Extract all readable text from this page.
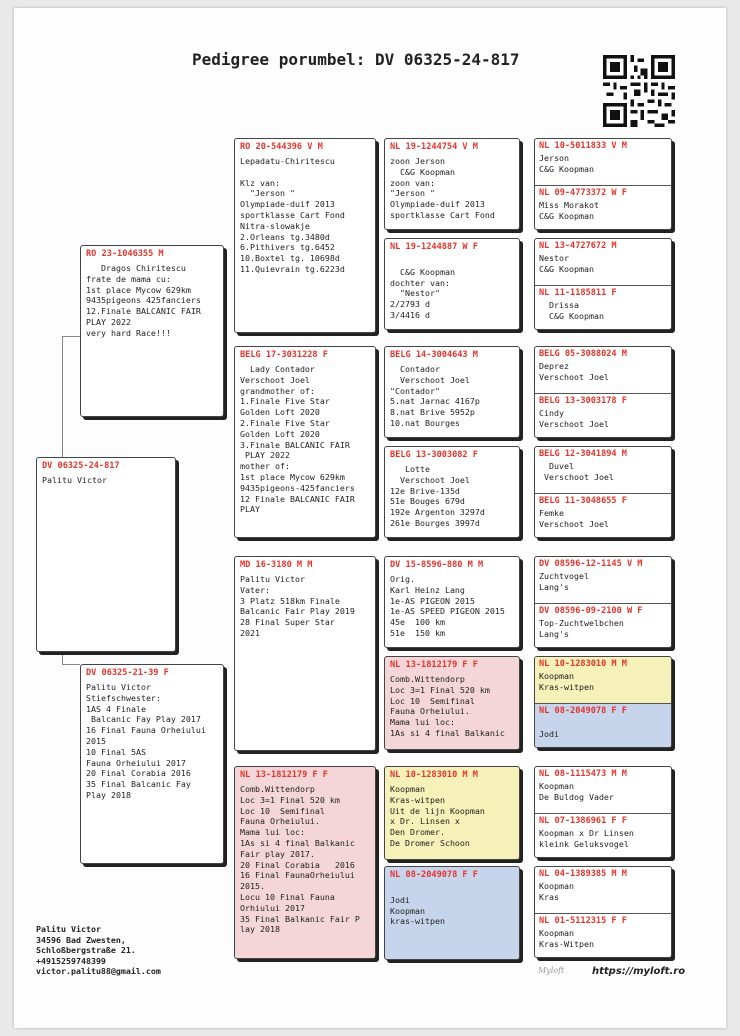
Pedigree porumbel: DV 06325-24-817
DV 06325-24-817
Palitu Victor
RO 23-1046355 M
Dragos Chiritescu
frate de mama cu:
1st place Mycow 629km
9435pigeons 425fanciers
12.Finale BALCANIC FAIR
PLAY 2022
very hard Race!!!
DV 06325-21-39 F
Palitu Victor
Stiefschwester:
1AS 4 Finale
Balcanic Fay Play 2017
16 Final Fauna Orheiului
2015
10 Final 5AS
Fauna Orheiului 2017
20 Final Corabia 2016
35 Final Balcanic Fay
Play 2018
RO 20-544396 V M
Lepadatu-Chiritescu

Klz van:
"Jerson "
Olympiade-duif 2013
sportklasse Cart Fond
Nitra-slowakje
2.Orleans tg.3480d
6.Pithivers tg.6452
10.Boxtel tg. 10698d
11.Quievrain tg.6223d
BELG 17-3031228 F
Lady Contador
Verschoot Joel
grandmother of:
1.Finale Five Star
Golden Loft 2020
2.Finale Five Star
Golden Loft 2020
3.Finale BALCANIC FAIR
PLAY 2022
mother of:
1st place Mycow 629km
9435pigeons-425fanciers
12 Finale BALCANIC FAIR
PLAY
MD 16-3180 M M
Palitu Victor
Vater:
3 Platz 518km Finale
Balcanic Fair Play 2019
28 Final Super Star
2021
NL 13-1812179 F F
Comb.Wittendorp
Loc 3=1 Final 520 km
Loc 10  Semifinal
Fauna Orheiului.
Mama lui loc:
1As si 4 final Balkanic
Fair play 2017.
20 Final Corabia   2016
16 Final FaunaOrheiului
2015.
Locu 10 Final Fauna
Orhiului 2017
35 Final Balkanic Fair P
lay 2018
NL 19-1244754 V M
zoon Jerson
C&G Koopman
zoon van:
"Jerson "
Olympiade-duif 2013
sportklasse Cart Fond
NL 19-1244887 W F

C&G Koopman
dochter van:
"Nestor"
2/2793 d
3/4416 d
BELG 14-3004643 M
Contador
Verschoot Joel
"Contador"
5.nat Jarnac 4167p
8.nat Brive 5952p
10.nat Bourges
BELG 13-3003082 F
Lotte
Verschoot Joel
12e Brive-135d
51e Bouges 679d
192e Argenton 3297d
261e Bourges 3997d
DV 15-8596-880 M M
Orig.
Karl Heinz Lang
1e-AS PIGEON 2015
1e-AS SPEED PIGEON 2015
45e  100 km
51e  150 km
NL 13-1812179 F F
Comb.Wittendorp
Loc 3=1 Final 520 km
Loc 10  Semifinal
Fauna Orheiului.
Mama lui loc:
1As si 4 final Balkanic
NL 10-1283010 M M
Koopman
Kras-witpen
Uit de lijn Koopman
x Dr. Linsen x
Den Dromer.
De Dromer Schoon
NL 08-2049078 F F

Jodi
Koopman
kras-witpen
NL 10-5011833 V M
Jerson
C&G Koopman
NL 09-4773372 W F
Miss Morakot
C&G Koopman
NL 13-4727672 M
Nestor
C&G Koopman
NL 11-1185811 F
Drissa
C&G Koopman
BELG 05-3088024 M
Deprez
Verschoot Joel
BELG 13-3003178 F
Cindy
Verschoot Joel
BELG 12-3041894 M
Duvel
Verschoot Joel
BELG 11-3048655 F
Femke
Verschoot Joel
DV 08596-12-1145 V M
Zuchtvogel
Lang's
DV 08596-09-2100 W F
Top-Zuchtwelbchen
Lang's
NL 10-1283010 M M
Koopman
Kras-witpen
NL 08-2049078 F F

Jodi
NL 08-1115473 M M
Koopman
De Buldog Vader
NL 07-1386961 F F
Koopman x Dr Linsen
kleink Geluksvogel
NL 04-1389385 M M
Koopman
Kras
NL 01-5112315 F F
Koopman
Kras-Witpen
Palitu Victor
34596 Bad Zwesten,
Schloßbergstraße 21.
+4915259748399
victor.palitu88@gmail.com	Myloft	https://myloft.ro
